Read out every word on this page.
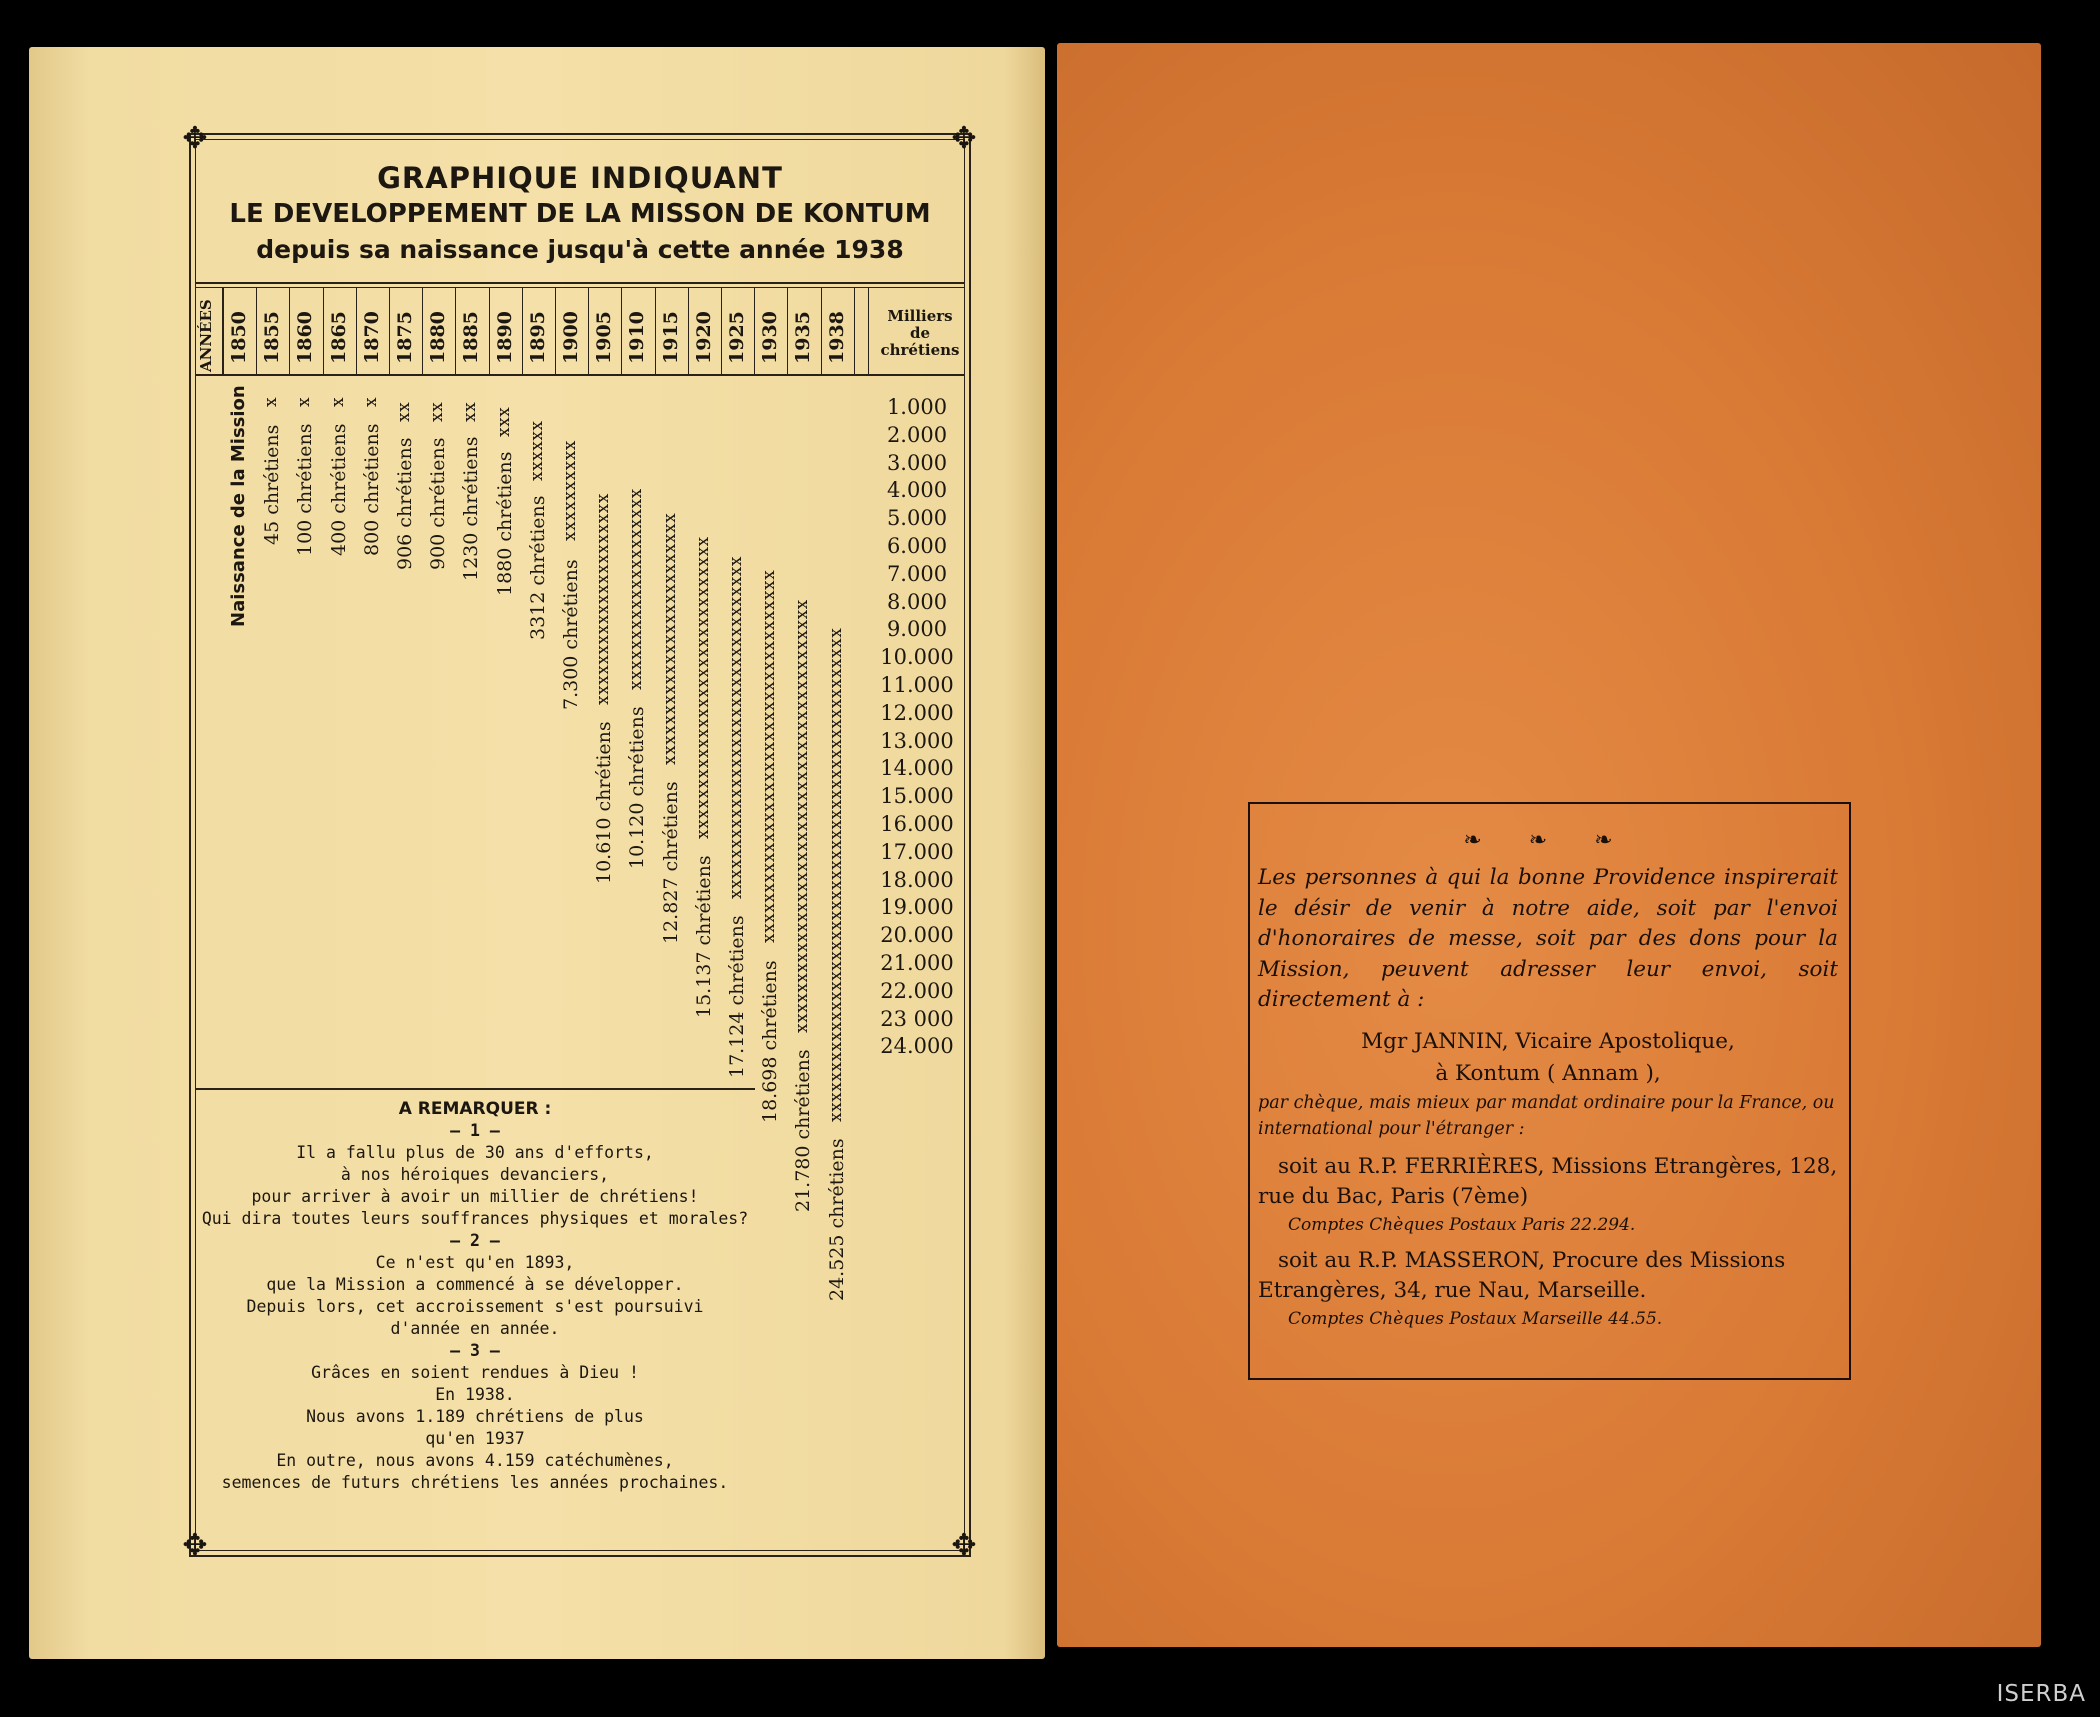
✥	✥
✥	✥
GRAPHIQUE INDIQUANT
LE DEVELOPPEMENT DE LA MISSON DE KONTUM
depuis sa naissance jusqu'à cette année 1938
ANNÉES 1850 1855 1860 1865 1870 1875 1880 1885 1890 1895 1900 1905 1910 1915 1920 1925 1930 1935 1938
Naissance de la Mission x
45 chrétiens
x
100 chrétiens
x
400 chrétiens
x
800 chrétiens
xx
906 chrétiens
xx
900 chrétiens
xx
1230 chrétiens
xxx
1880 chrétiens xxxxxx
3312 chrétiens
xxxxxxxxxx
7.300 chrétiens xxxxxxxxxxxxxxxxxxxxx
10.610 chrétiens
xxxxxxxxxxxxxxxxxxxx
10.120 chrétiens
xxxxxxxxxxxxxxxxxxxxxxxxx
12.827 chrétiens
xxxxxxxxxxxxxxxxxxxxxxxxxxxxxx
15.137 chrétiens
xxxxxxxxxxxxxxxxxxxxxxxxxxxxxxxxxx
17.124 chrétiens
xxxxxxxxxxxxxxxxxxxxxxxxxxxxxxxxxxxxx
18.698 chrétiens
xxxxxxxxxxxxxxxxxxxxxxxxxxxxxxxxxxxxxxxxxxx
21.780 chrétiens
xxxxxxxxxxxxxxxxxxxxxxxxxxxxxxxxxxxxxxxxxxxxxxxxx
24.525 chrétiens
Milliers
de
chrétiens
1.000
2.000
3.000
4.000
5.000
6.000
7.000
8.000
9.000
10.000
11.000
12.000
13.000
14.000
15.000
16.000
17.000
18.000
19.000
20.000
21.000
22.000
23 000
24.000
A REMARQUER :
— 1 —
Il a fallu plus de 30 ans d'efforts,
à nos héroiques devanciers,
pour arriver à avoir un millier de chrétiens!
Qui dira toutes leurs souffrances physiques et morales?
— 2 —
Ce n'est qu'en 1893,
que la Mission a commencé à se développer.
Depuis lors, cet accroissement s'est poursuivi
d'année en année.
— 3 —
Grâces en soient rendues à Dieu !
En 1938.
Nous avons 1.189 chrétiens de plus
qu'en 1937
En outre, nous avons 4.159 catéchumènes,
semences de futurs chrétiens les années prochaines.
❧ ❧ ❧
Les personnes à qui la bonne Providence inspirerait le désir de venir à notre aide, soit par l'envoi d'honoraires de messe, soit par des dons pour la Mission, peuvent adresser leur envoi, soit directement à :
Mgr JANNIN, Vicaire Apostolique,
à Kontum ( Annam ),
par chèque, mais mieux par mandat ordinaire pour la France, ou international pour l'étranger :
soit au R.P. FERRIÈRES, Missions Etrangères, 128, rue du Bac, Paris (7ème)
Comptes Chèques Postaux Paris 22.294.
soit au R.P. MASSERON, Procure des Missions Etrangères, 34, rue Nau, Marseille.
Comptes Chèques Postaux Marseille 44.55.
ISERBA
